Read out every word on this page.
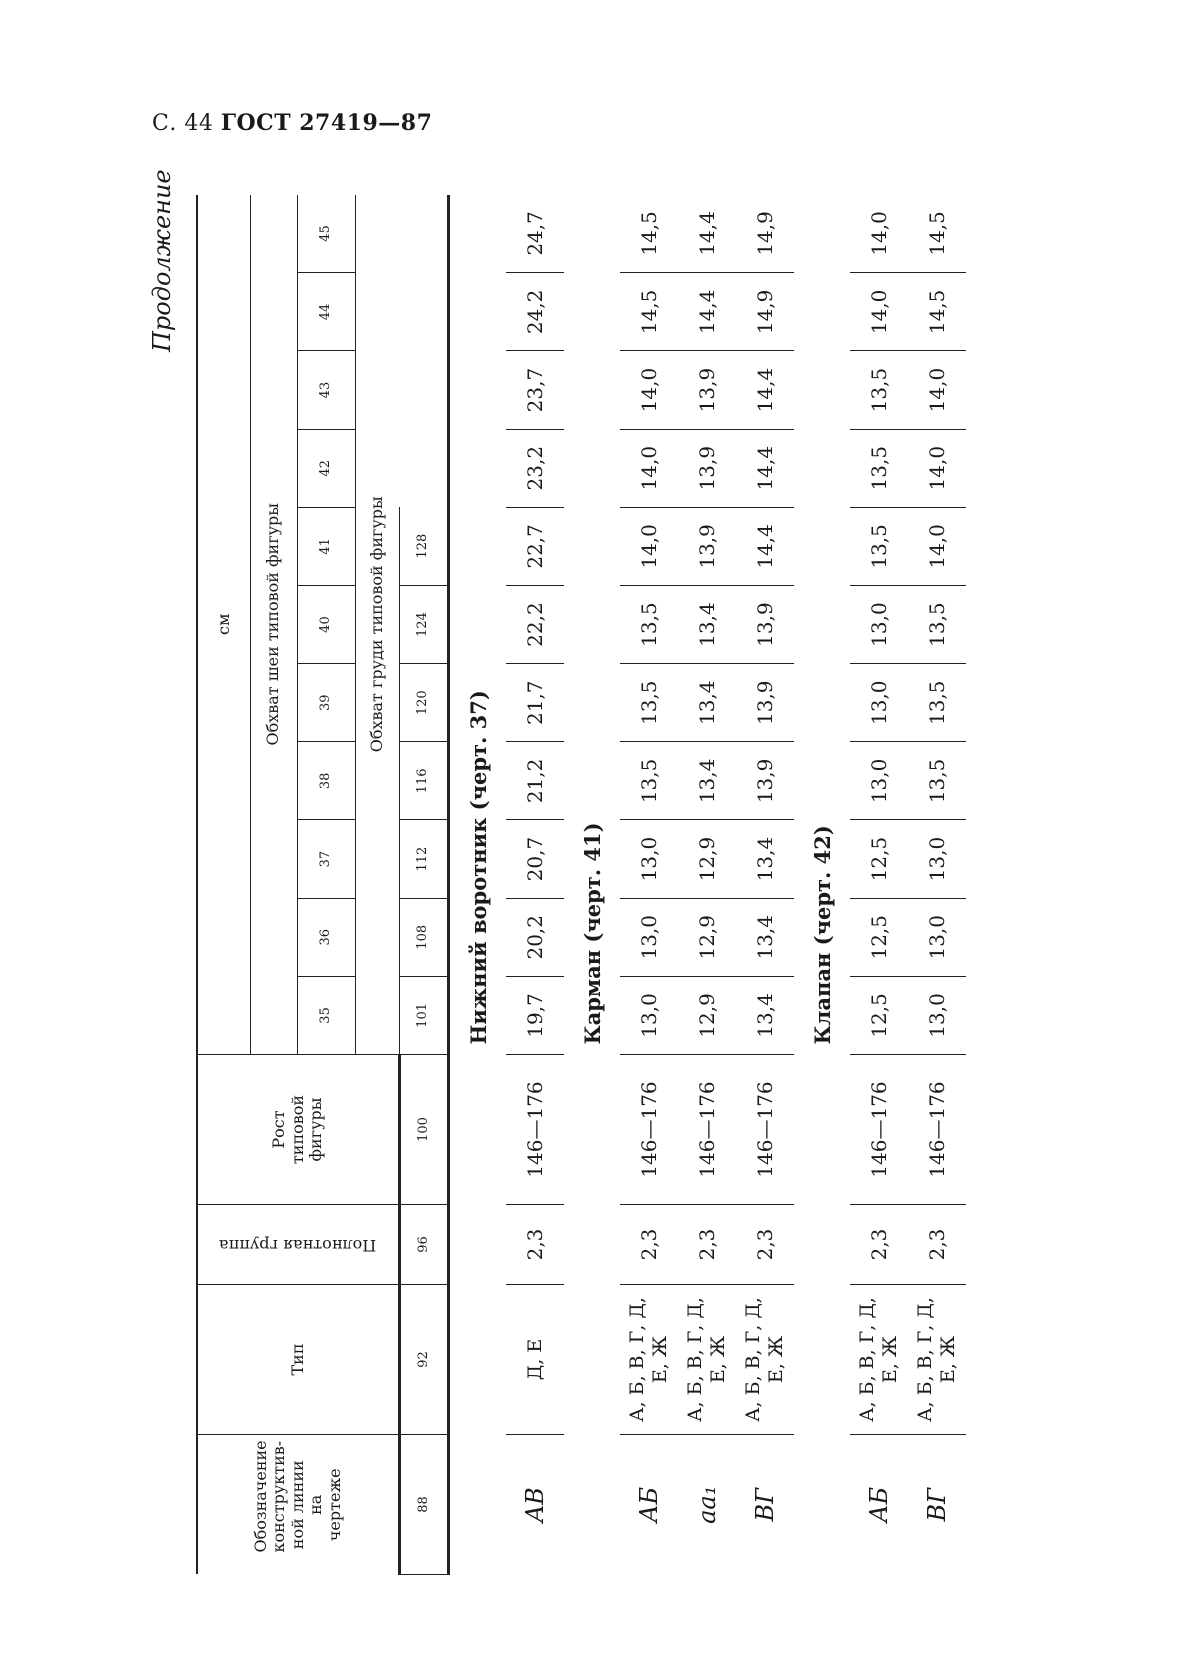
С. 44 ГОСТ 27419—87
Продолжение
Обозначение конструктив- ной линии на чертеже	Тип	Полнотная группа	Рост типовой фигуры	см										
				Обхват шеи типовой фигуры										
				35	36	37	38	39	40	41	42	43	44	45
				Обхват груди типовой фигуры										
88	92	96	100	101	108	112	116	120	124	128				
				Нижний воротник (черт. 37)										
AB	Д, Е	2,3	146—176	19,7	20,2	20,7	21,2	21,7	22,2	22,7	23,2	23,7	24,2	24,7
				Карман (черт. 41)										
АБ	А, Б, В, Г, Д, Е, Ж	2,3	146—176	13,0	13,0	13,0	13,5	13,5	13,5	14,0	14,0	14,0	14,5	14,5
aa₁	А, Б, В, Г, Д, Е, Ж	2,3	146—176	12,9	12,9	12,9	13,4	13,4	13,4	13,9	13,9	13,9	14,4	14,4
ВГ	А, Б, В, Г, Д, Е, Ж	2,3	146—176	13,4	13,4	13,4	13,9	13,9	13,9	14,4	14,4	14,4	14,9	14,9
				Клапан (черт. 42)										
АБ	А, Б, В, Г, Д, Е, Ж	2,3	146—176	12,5	12,5	12,5	13,0	13,0	13,0	13,5	13,5	13,5	14,0	14,0
ВГ	А, Б, В, Г, Д, Е, Ж	2,3	146—176	13,0	13,0	13,0	13,5	13,5	13,5	14,0	14,0	14,0	14,5	14,5
